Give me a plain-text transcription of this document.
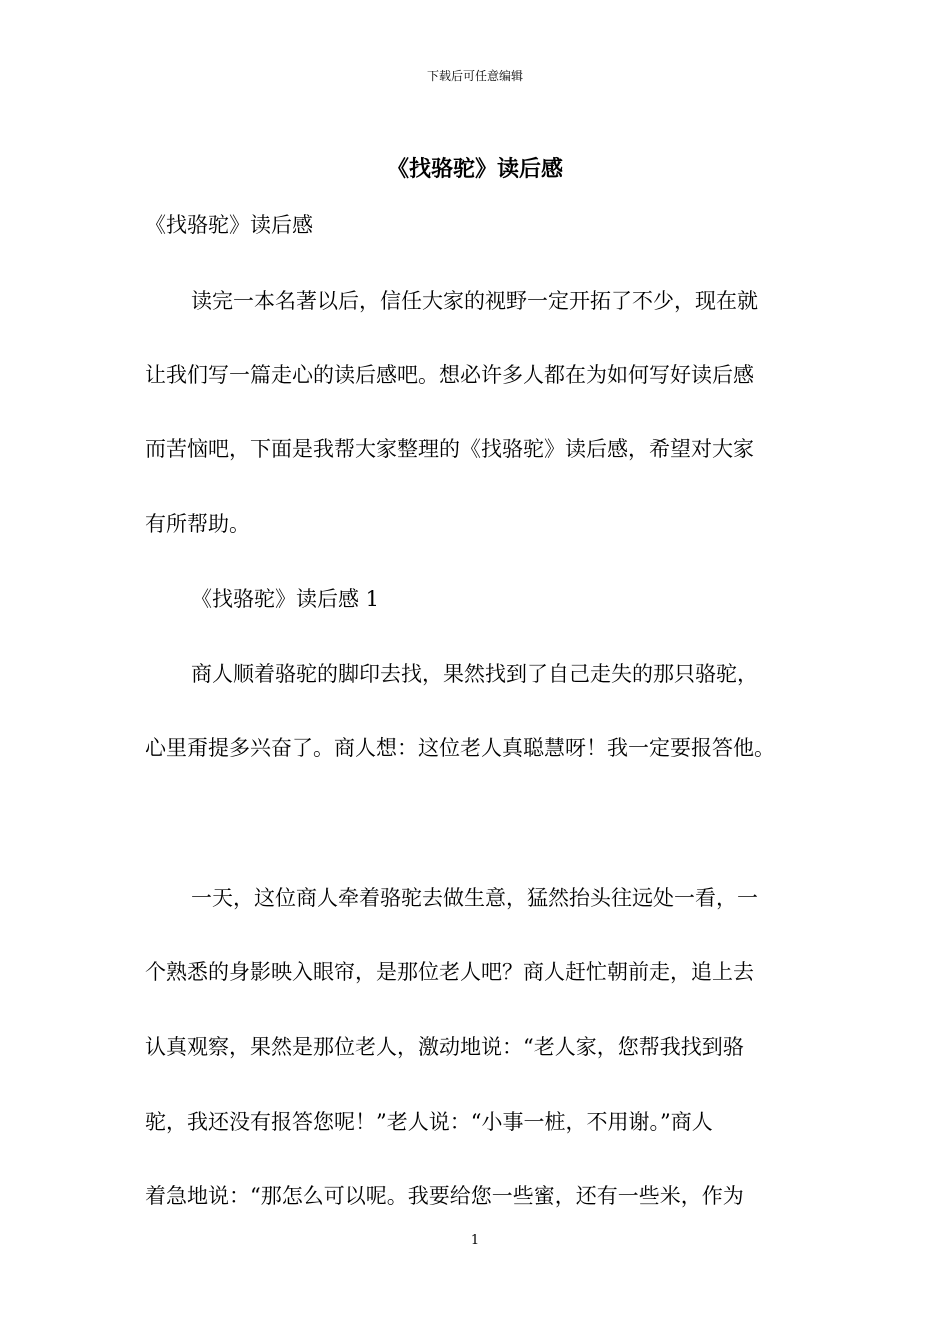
下载后可任意编辑
《找骆驼》读后感
《找骆驼》读后感
读完一本名著以后，信任大家的视野一定开拓了不少，现在就
让我们写一篇走心的读后感吧。想必许多人都在为如何写好读后感
而苦恼吧，下面是我帮大家整理的《找骆驼》读后感，希望对大家
有所帮助。
《找骆驼》读后感 1
商人顺着骆驼的脚印去找，果然找到了自己走失的那只骆驼，
心里甭提多兴奋了。商人想：这位老人真聪慧呀！我一定要报答他。
一天，这位商人牵着骆驼去做生意，猛然抬头往远处一看，一
个熟悉的身影映入眼帘，是那位老人吧？商人赶忙朝前走，追上去
认真观察，果然是那位老人，激动地说：“老人家，您帮我找到骆
驼，我还没有报答您呢！”老人说：“小事一桩，不用谢。”商人
着急地说：“那怎么可以呢。我要给您一些蜜，还有一些米，作为
1
